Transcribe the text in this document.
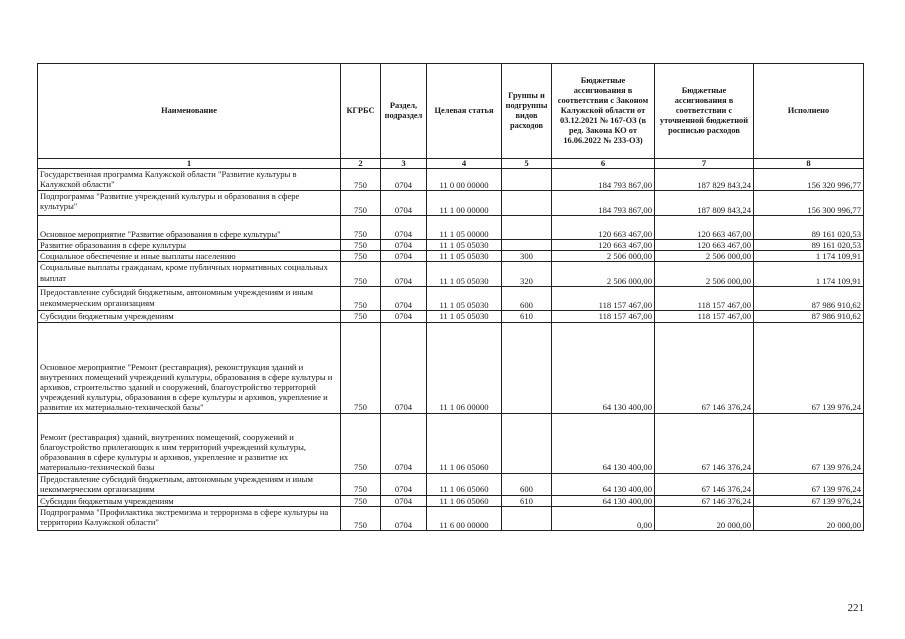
Наименование	КГРБС	Раздел, подраздел	Целевая статья	Группы и подгруппы видов расходов	Бюджетные ассигнования в соответствии с Законом Калужской области от 03.12.2021 № 167-ОЗ (в ред. Закона КО от 16.06.2022 № 233-ОЗ)	Бюджетные ассигнования в соответствии с уточненной бюджетной росписью расходов	Исполнено
1	2	3	4	5	6	7	8
Государственная программа Калужской области "Развитие культуры в Калужской области"	750	0704	11 0 00 00000		184 793 867,00	187 829 843,24	156 320 996,77
Подпрограмма "Развитие учреждений культуры и образования в сфере культуры"	750	0704	11 1 00 00000		184 793 867,00	187 809 843,24	156 300 996,77
Основное мероприятие "Развитие образования в сфере культуры"	750	0704	11 1 05 00000		120 663 467,00	120 663 467,00	89 161 020,53
Развитие образования в сфере культуры	750	0704	11 1 05 05030		120 663 467,00	120 663 467,00	89 161 020,53
Социальное обеспечение и иные выплаты населению	750	0704	11 1 05 05030	300	2 506 000,00	2 506 000,00	1 174 109,91
Социальные выплаты гражданам, кроме публичных нормативных социальных выплат	750	0704	11 1 05 05030	320	2 506 000,00	2 506 000,00	1 174 109,91
Предоставление субсидий бюджетным, автономным учреждениям и иным некоммерческим организациям	750	0704	11 1 05 05030	600	118 157 467,00	118 157 467,00	87 986 910,62
Субсидии бюджетным учреждениям	750	0704	11 1 05 05030	610	118 157 467,00	118 157 467,00	87 986 910,62
Основное мероприятие "Ремонт (реставрация), реконструкция зданий и внутренних помещений учреждений культуры, образования в сфере культуры и архивов, строительство зданий и сооружений, благоустройство территорий учреждений культуры, образования в сфере культуры и архивов, укрепление и развитие их материально-технической базы"	750	0704	11 1 06 00000		64 130 400,00	67 146 376,24	67 139 976,24
Ремонт (реставрация) зданий, внутренних помещений, сооружений и благоустройство прилегающих к ним территорий учреждений культуры, образования в сфере культуры и архивов, укрепление и развитие их материально-технической базы	750	0704	11 1 06 05060		64 130 400,00	67 146 376,24	67 139 976,24
Предоставление субсидий бюджетным, автономным учреждениям и иным некоммерческим организациям	750	0704	11 1 06 05060	600	64 130 400,00	67 146 376,24	67 139 976,24
Субсидии бюджетным учреждениям	750	0704	11 1 06 05060	610	64 130 400,00	67 146 376,24	67 139 976,24
Подпрограмма "Профилактика экстремизма и терроризма в сфере культуры на территории Калужской области"	750	0704	11 6 00 00000		0,00	20 000,00	20 000,00
221
